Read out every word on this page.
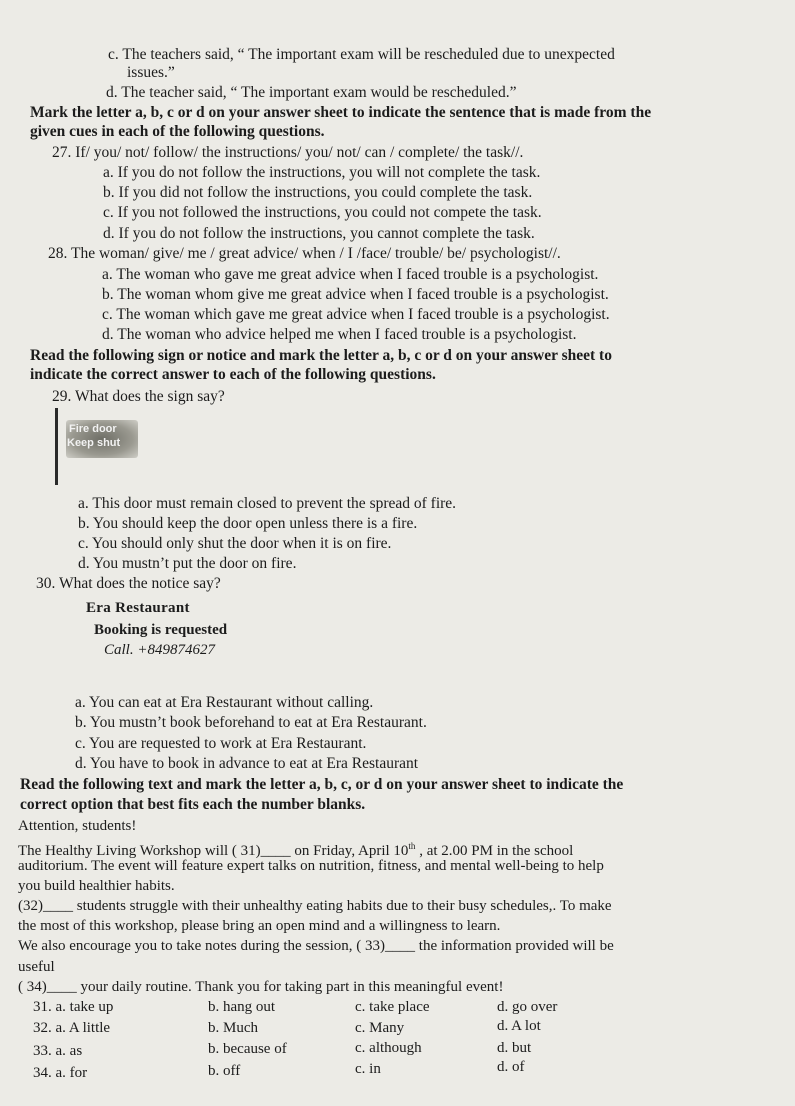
c. The teachers said, “ The important exam will be rescheduled due to unexpected
issues.”
d. The teacher said, “ The important exam would be rescheduled.”
Mark the letter a, b, c or d on your answer sheet to indicate the sentence that is made from the
given cues in each of the following questions.
27. If/ you/ not/ follow/ the instructions/ you/ not/ can / complete/ the task//.
a. If you do not follow the instructions, you will not complete the task.
b. If you did not follow the instructions, you could complete the task.
c. If you not followed the instructions, you could not compete the task.
d. If you do not follow the instructions, you cannot complete the task.
28. The woman/ give/ me / great advice/ when / I /face/ trouble/ be/ psychologist//.
a. The woman who gave me great advice when I faced trouble is a psychologist.
b. The woman whom give me great advice when I faced trouble is a psychologist.
c. The woman which gave me great advice when I faced trouble is a psychologist.
d. The woman who advice helped me when I faced trouble is a psychologist.
Read the following sign or notice and mark the letter a, b, c or d on your answer sheet to
indicate the correct answer to each of the following questions.
29. What does the sign say?
Fire door
Keep shut
a. This door must remain closed to prevent the spread of fire.
b. You should keep the door open unless there is a fire.
c. You should only shut the door when it is on fire.
d. You mustn’t put the door on fire.
30. What does the notice say?
Era Restaurant
Booking is requested
Call. +849874627
a. You can eat at Era Restaurant without calling.
b. You mustn’t book beforehand to eat at Era Restaurant.
c. You are requested to work at Era Restaurant.
d. You have to book in advance to eat at Era Restaurant
Read the following text and mark the letter a, b, c, or d on your answer sheet to indicate the
correct option that best fits each the number blanks.
Attention, students!
The Healthy Living Workshop will ( 31)____ on Friday, April 10th , at 2.00 PM in the school
auditorium. The event will feature expert talks on nutrition, fitness, and mental well-being to help
you build healthier habits.
(32)____ students struggle with their unhealthy eating habits due to their busy schedules,. To make
the most of this workshop, please bring an open mind and a willingness to learn.
We also encourage you to take notes during the session, ( 33)____ the information provided will be
useful
( 34)____ your daily routine. Thank you for taking part in this meaningful event!
31. a. take up	b. hang out	c. take place	d. go over
32. a. A little	b. Much	c. Many	d. A lot
33. a. as	b. because of	c. although	d. but
34. a. for	b. off	c. in	d. of
